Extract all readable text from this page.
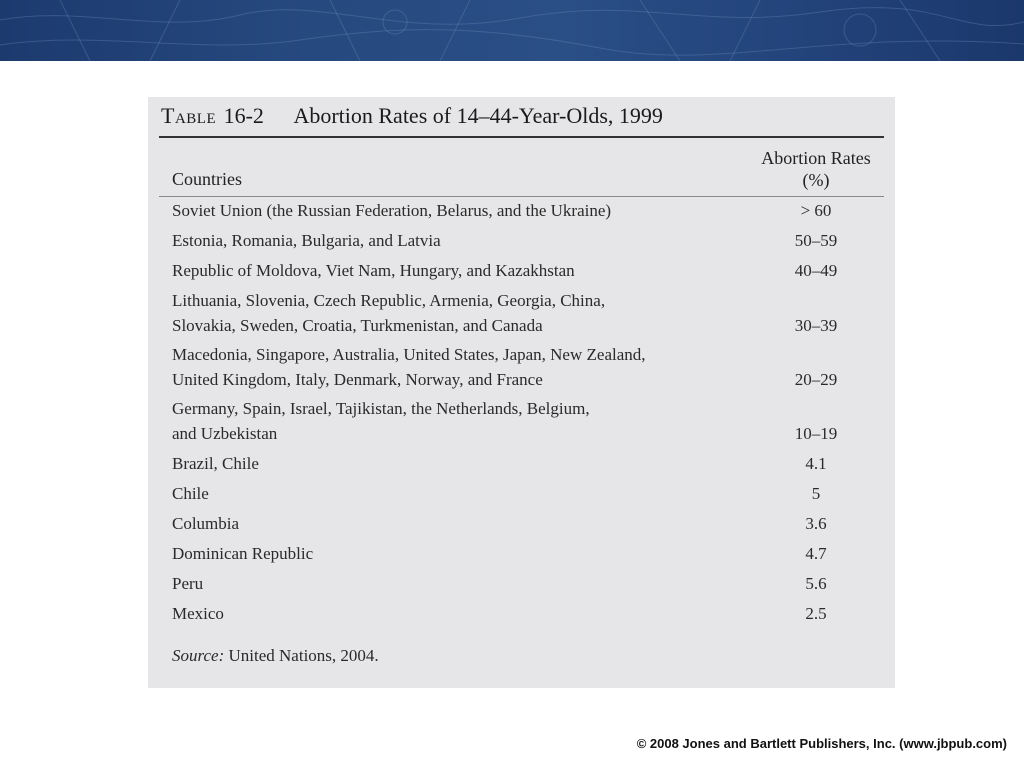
Table 16-2 Abortion Rates of 14–44-Year-Olds, 1999
Countries
Abortion Rates
(%)
Soviet Union (the Russian Federation, Belarus, and the Ukraine)	> 60
Estonia, Romania, Bulgaria, and Latvia	50–59
Republic of Moldova, Viet Nam, Hungary, and Kazakhstan	40–49
Lithuania, Slovenia, Czech Republic, Armenia, Georgia, China,
Slovakia, Sweden, Croatia, Turkmenistan, and Canada	30–39
Macedonia, Singapore, Australia, United States, Japan, New Zealand,
United Kingdom, Italy, Denmark, Norway, and France	20–29
Germany, Spain, Israel, Tajikistan, the Netherlands, Belgium,
and Uzbekistan	10–19
Brazil, Chile	4.1
Chile	5
Columbia	3.6
Dominican Republic	4.7
Peru	5.6
Mexico	2.5
Source: United Nations, 2004.
© 2008 Jones and Bartlett Publishers, Inc. (www.jbpub.com)
